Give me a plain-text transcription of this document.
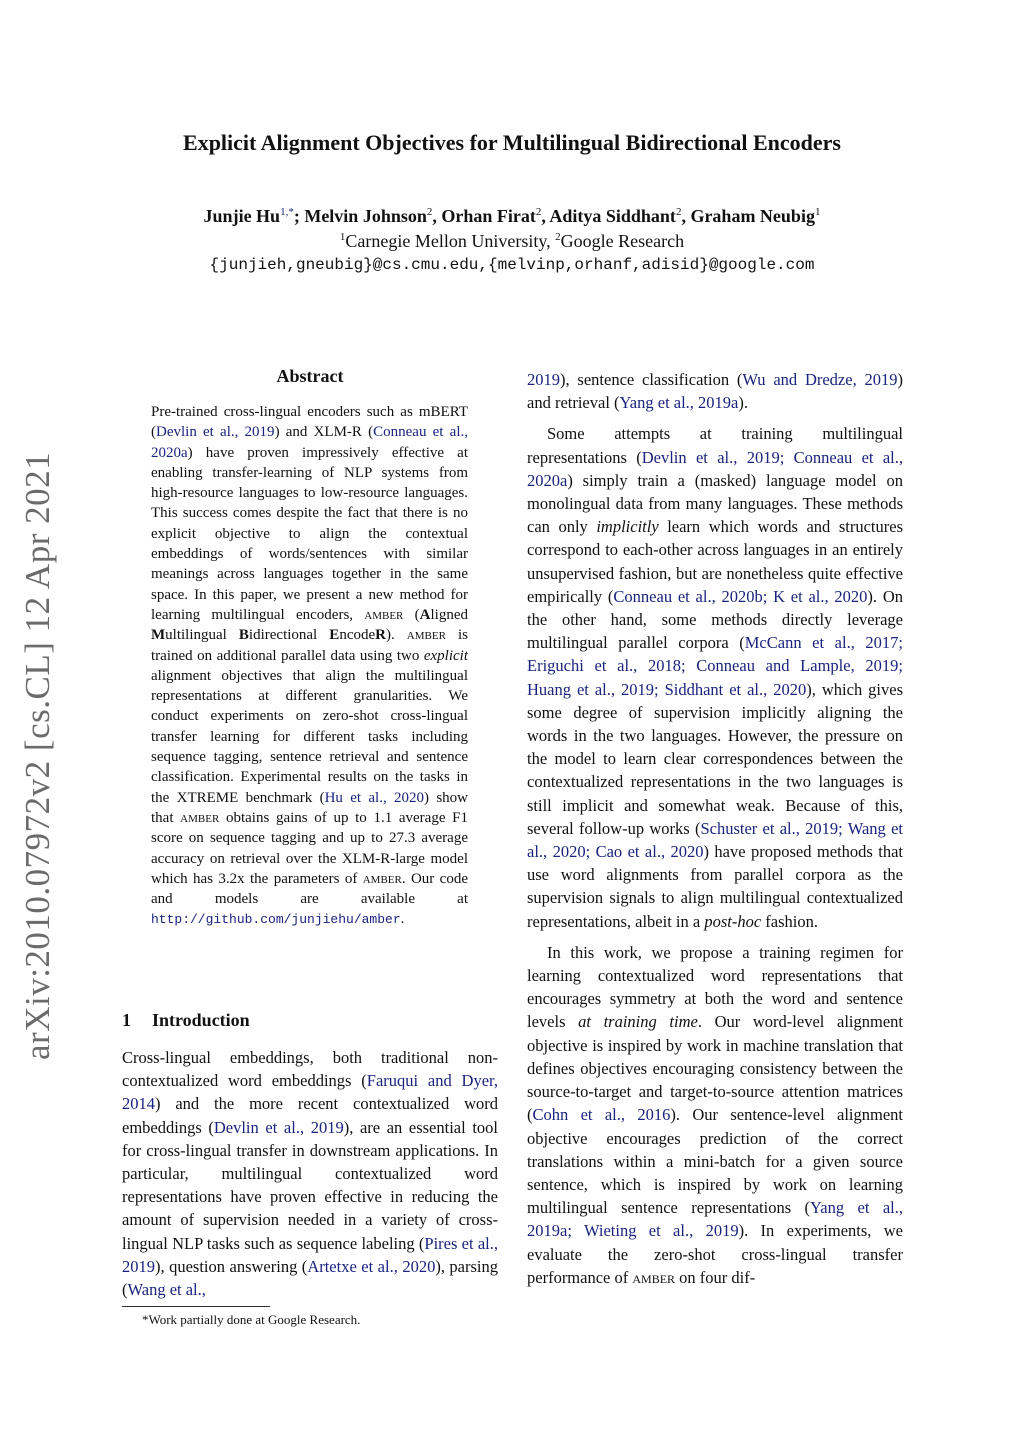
arXiv:2010.07972v2 [cs.CL] 12 Apr 2021
Explicit Alignment Objectives for Multilingual Bidirectional Encoders
Junjie $Hu^{1,*}$; Melvin Johnson$^2$, Orhan Firat$^2$, Aditya Siddhant$^2$, Graham Neubig$^1$
$^1$Carnegie Mellon University, $^2$Google Research
{junjieh,gneubig}@cs.cmu.edu,{melvinp,orhanf,adisid}@google.com
Abstract

Pre-trained cross-lingual encoders such as mBERT (Devlin et al., 2019) and XLM-R (Conneau et al., 2020a) have proven impressively effective at enabling transfer-learning of NLP systems from high-resource languages to low-resource languages. This success comes despite the fact that there is no explicit objective to align the contextual embeddings of words/sentences with similar meanings across languages together in the same space. In this paper, we present a new method for learning multilingual encoders, amber (Aligned Multilingual Bidirectional EncodeR). amber is trained on additional parallel data using two explicit alignment objectives that align the multilingual representations at different granularities. We conduct experiments on zero-shot cross-lingual transfer learning for different tasks including sequence tagging, sentence retrieval and sentence classification. Experimental results on the tasks in the XTREME benchmark (Hu et al., 2020) show that amber obtains gains of up to 1.1 average F1 score on sequence tagging and up to 27.3 average accuracy on retrieval over the XLM-R-large model which has 3.2x the parameters of amber. Our code and models are available at http://github.com/junjiehu/amber.

1 Introduction

Cross-lingual embeddings, both traditional non-contextualized word embeddings (Faruqui and Dyer, 2014) and the more recent contextualized word embeddings (Devlin et al., 2019), are an essential tool for cross-lingual transfer in downstream applications. In particular, multilingual contextualized word representations have proven effective in reducing the amount of supervision needed in a variety of cross-lingual NLP tasks such as sequence labeling (Pires et al., 2019), question answering (Artetxe et al., 2020), parsing (Wang et al.,

*Work partially done at Google Research.

2019), sentence classification (Wu and Dredze, 2019) and retrieval (Yang et al., 2019a).

Some attempts at training multilingual representations (Devlin et al., 2019; Conneau et al., 2020a) simply train a (masked) language model on monolingual data from many languages. These methods can only implicitly learn which words and structures correspond to each-other across languages in an entirely unsupervised fashion, but are nonetheless quite effective empirically (Conneau et al., 2020b; K et al., 2020). On the other hand, some methods directly leverage multilingual parallel corpora (McCann et al., 2017; Eriguchi et al., 2018; Conneau and Lample, 2019; Huang et al., 2019; Siddhant et al., 2020), which gives some degree of supervision implicitly aligning the words in the two languages. However, the pressure on the model to learn clear correspondences between the contextualized representations in the two languages is still implicit and somewhat weak. Because of this, several follow-up works (Schuster et al., 2019; Wang et al., 2020; Cao et al., 2020) have proposed methods that use word alignments from parallel corpora as the supervision signals to align multilingual contextualized representations, albeit in a post-hoc fashion.

In this work, we propose a training regimen for learning contextualized word representations that encourages symmetry at both the word and sentence levels at training time. Our word-level alignment objective is inspired by work in machine translation that defines objectives encouraging consistency between the source-to-target and target-to-source attention matrices (Cohn et al., 2016). Our sentence-level alignment objective encourages prediction of the correct translations within a mini-batch for a given source sentence, which is inspired by work on learning multilingual sentence representations (Yang et al., 2019a; Wieting et al., 2019). In experiments, we evaluate the zero-shot cross-lingual transfer performance of amber on four dif-
